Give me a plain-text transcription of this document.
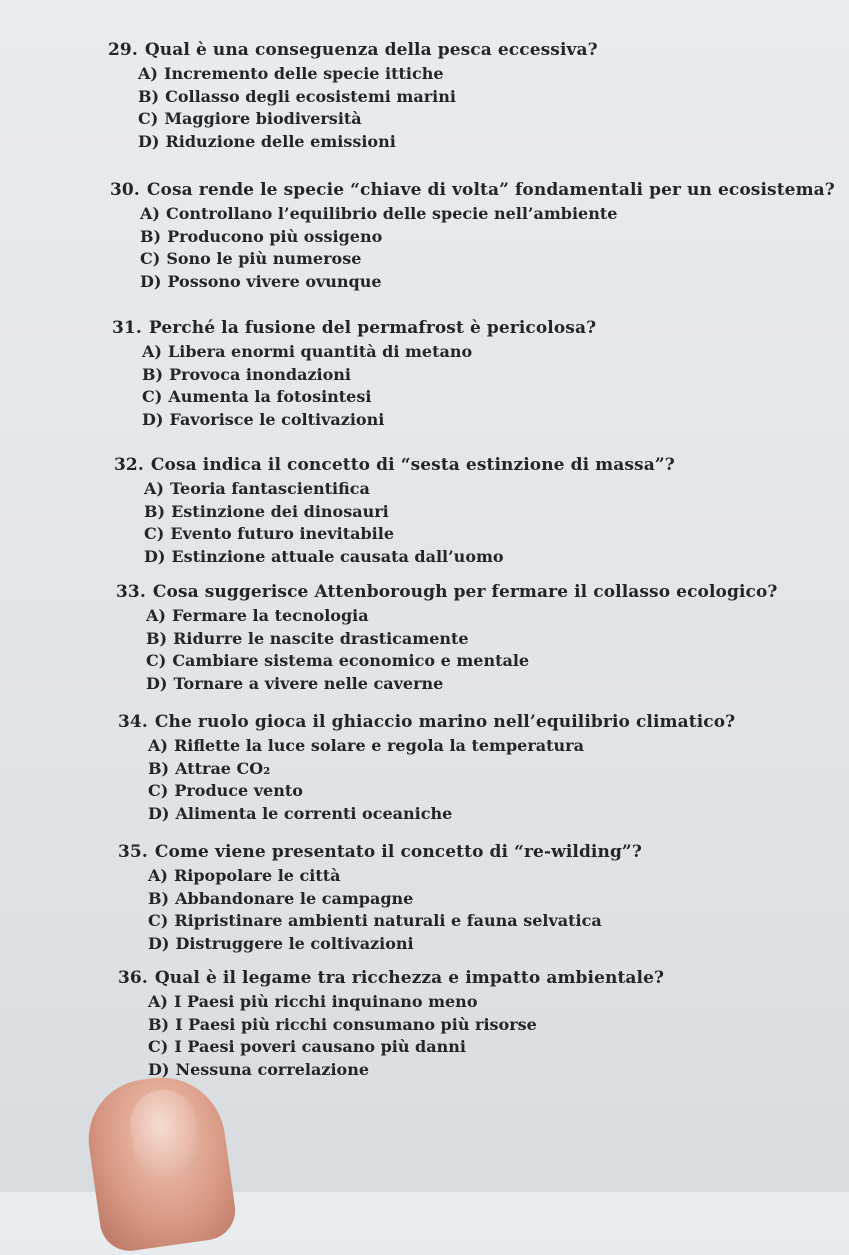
29. Qual è una conseguenza della pesca eccessiva?
A) Incremento delle specie ittiche
B) Collasso degli ecosistemi marini
C) Maggiore biodiversità
D) Riduzione delle emissioni
30. Cosa rende le specie “chiave di volta” fondamentali per un ecosistema?
A) Controllano l’equilibrio delle specie nell’ambiente
B) Producono più ossigeno
C) Sono le più numerose
D) Possono vivere ovunque
31. Perché la fusione del permafrost è pericolosa?
A) Libera enormi quantità di metano
B) Provoca inondazioni
C) Aumenta la fotosintesi
D) Favorisce le coltivazioni
32. Cosa indica il concetto di “sesta estinzione di massa”?
A) Teoria fantascientifica
B) Estinzione dei dinosauri
C) Evento futuro inevitabile
D) Estinzione attuale causata dall’uomo
33. Cosa suggerisce Attenborough per fermare il collasso ecologico?
A) Fermare la tecnologia
B) Ridurre le nascite drasticamente
C) Cambiare sistema economico e mentale
D) Tornare a vivere nelle caverne
34. Che ruolo gioca il ghiaccio marino nell’equilibrio climatico?
A) Riflette la luce solare e regola la temperatura
B) Attrae CO₂
C) Produce vento
D) Alimenta le correnti oceaniche
35. Come viene presentato il concetto di “re-wilding”?
A) Ripopolare le città
B) Abbandonare le campagne
C) Ripristinare ambienti naturali e fauna selvatica
D) Distruggere le coltivazioni
36. Qual è il legame tra ricchezza e impatto ambientale?
A) I Paesi più ricchi inquinano meno
B) I Paesi più ricchi consumano più risorse
C) I Paesi poveri causano più danni
D) Nessuna correlazione
